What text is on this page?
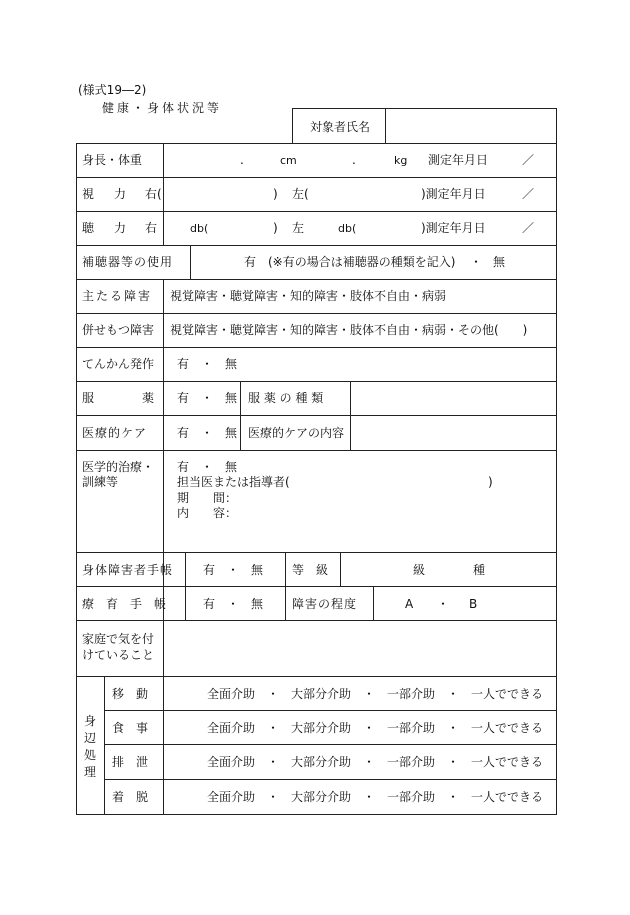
(様式19―2)
健康・身体状況等
対象者氏名
身長・体重	.	cm	.	kg 測定年月日	／
視　力 右(	) 左(	)測定年月日	／
聴　力 右	db(	) 左	db(	)測定年月日	／
補聴器等の使用	有 (※有の場合は補聴器の種類を記入) ・ 無
主たる障害 視覚障害・聴覚障害・知的障害・肢体不自由・病弱
併せもつ障害 視覚障害・聴覚障害・知的障害・肢体不自由・病弱・その他(　　)
てんかん発作 有　・　無
服　　　　薬 有　・　無 服 薬 の 種 類
医療的ケア 有　・　無 医療的ケアの内容
医学的治療・
訓練等
有　・　無
担当医または指導者(	)
期　　間：
内　　容：
身体障害者手帳 有　・　無 等　級	級	種
療　育　手　帳	有　・　無 障害の程度	A ・ B
家庭で気を付
けていること
身
辺
処
理
移　動	全面介助　・　大部分介助　・　一部介助　・　一人でできる
食　事	全面介助　・　大部分介助　・　一部介助　・　一人でできる
排　泄	全面介助　・　大部分介助　・　一部介助　・　一人でできる
着　脱	全面介助　・　大部分介助　・　一部介助　・　一人でできる
